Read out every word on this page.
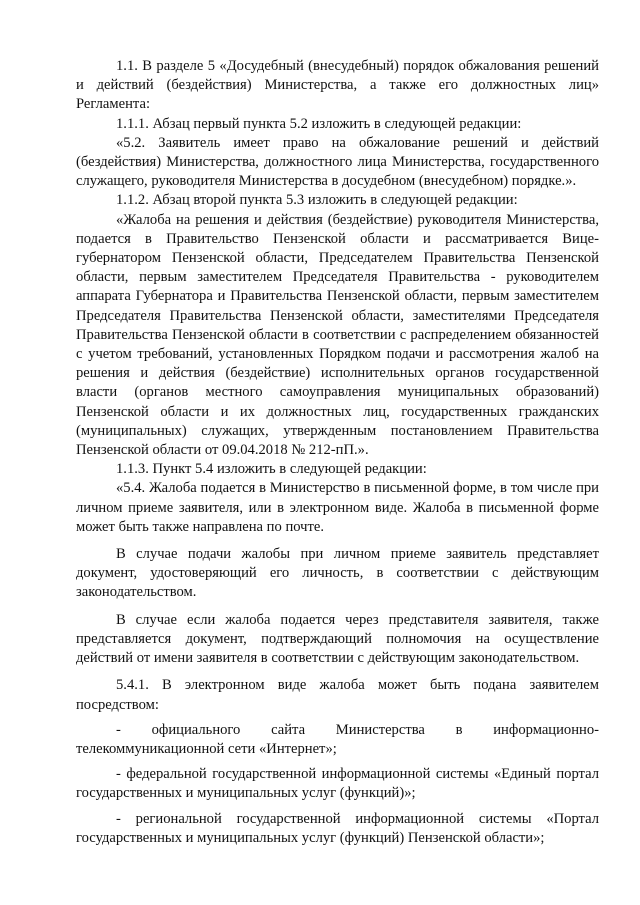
1.1. В разделе 5 «Досудебный (внесудебный) порядок обжалования решений и действий (бездействия) Министерства, а также его должностных лиц» Регламента:

1.1.1. Абзац первый пункта 5.2 изложить в следующей редакции:

«5.2. Заявитель имеет право на обжалование решений и действий (бездействия) Министерства, должностного лица Министерства, государственного служащего, руководителя Министерства в досудебном (внесудебном) порядке.».

1.1.2. Абзац второй пункта 5.3 изложить в следующей редакции:

«Жалоба на решения и действия (бездействие) руководителя Министерства, подается в Правительство Пензенской области и рассматривается Вице-губернатором Пензенской области, Председателем Правительства Пензенской области, первым заместителем Председателя Правительства - руководителем аппарата Губернатора и Правительства Пензенской области, первым заместителем Председателя Правительства Пензенской области, заместителями Председателя Правительства Пензенской области в соответствии с распределением обязанностей с учетом требований, установленных Порядком подачи и рассмотрения жалоб на решения и действия (бездействие) исполнительных органов государственной власти (органов местного самоуправления муниципальных образований) Пензенской области и их должностных лиц, государственных гражданских (муниципальных) служащих, утвержденным постановлением Правительства Пензенской области от 09.04.2018 № 212-пП.».

1.1.3. Пункт 5.4 изложить в следующей редакции:

«5.4. Жалоба подается в Министерство в письменной форме, в том числе при личном приеме заявителя, или в электронном виде. Жалоба в письменной форме может быть также направлена по почте.

В случае подачи жалобы при личном приеме заявитель представляет документ, удостоверяющий его личность, в соответствии с действующим законодательством.

В случае если жалоба подается через представителя заявителя, также представляется документ, подтверждающий полномочия на осуществление действий от имени заявителя в соответствии с действующим законодательством.

5.4.1. В электронном виде жалоба может быть подана заявителем посредством:

- официального сайта Министерства в информационно-телекоммуникационной сети «Интернет»;

- федеральной государственной информационной системы «Единый портал государственных и муниципальных услуг (функций)»;

- региональной государственной информационной системы «Портал государственных и муниципальных услуг (функций) Пензенской области»;
